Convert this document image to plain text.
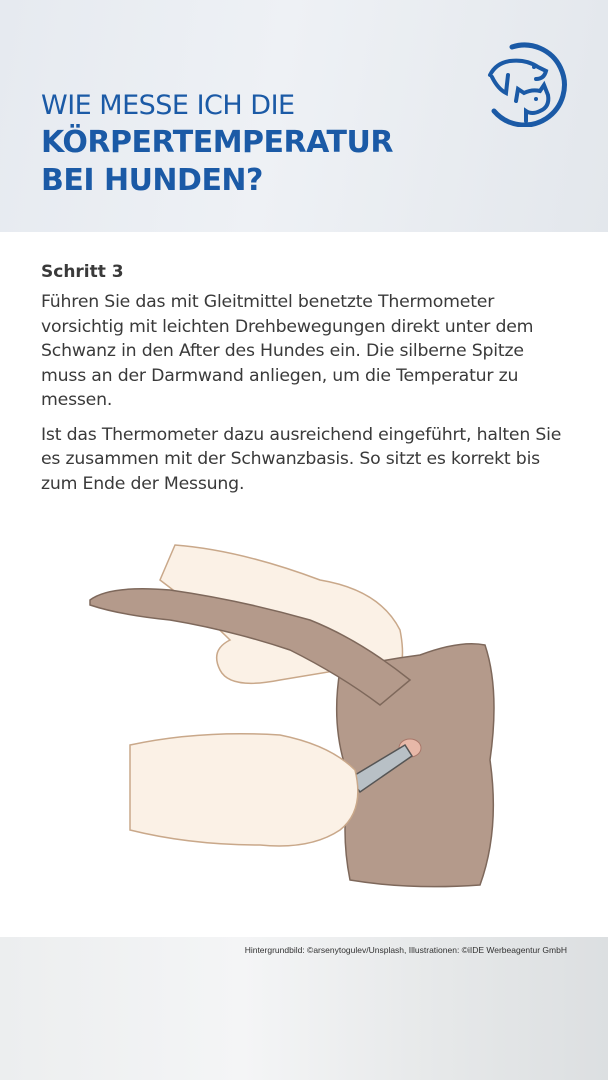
WIE MESSE ICH DIE
KÖRPERTEMPERATUR
BEI HUNDEN?
Schritt 3

Führen Sie das mit Gleitmittel benetzte Thermometer vorsichtig mit leichten Drehbewegungen direkt unter dem Schwanz in den After des Hundes ein. Die silberne Spitze muss an der Darmwand anliegen, um die Temperatur zu messen.

Ist das Thermometer dazu ausreichend eingeführt, halten Sie es zusammen mit der Schwanzbasis. So sitzt es korrekt bis zum Ende der Messung.

Hintergrundbild: ©arsenytogulev/Unsplash, Illustrationen: ©iIDE Werbeagentur GmbH
